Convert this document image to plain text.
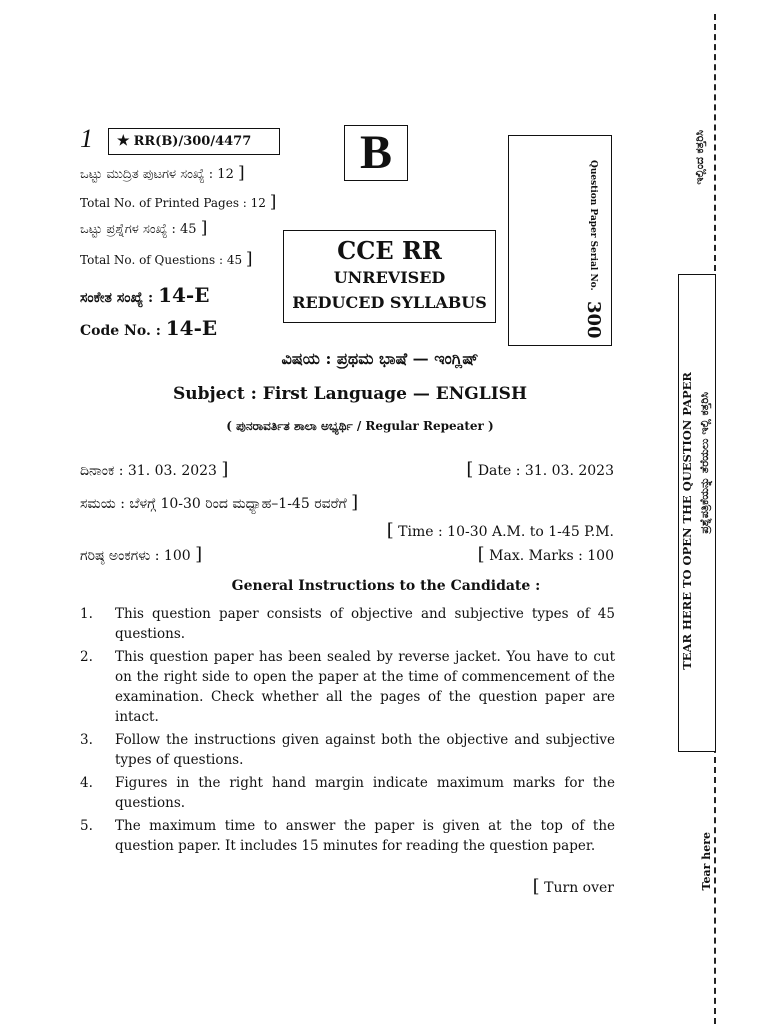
1	★ RR(B)/300/4477	B
ಒಟ್ಟು ಮುದ್ರಿತ ಪುಟಗಳ ಸಂಖ್ಯೆ : 12 ]
Total No. of Printed Pages : 12 ]
ಒಟ್ಟು ಪ್ರಶ್ನೆಗಳ ಸಂಖ್ಯೆ : 45 ]
Total No. of Questions : 45 ]
ಸಂಕೇತ ಸಂಖ್ಯೆ : 14-E
Code No. : 14-E
CCE RR
UNREVISED
REDUCED SYLLABUS
Question Paper Serial No. 300
ವಿಷಯ : ಪ್ರಥಮ ಭಾಷೆ — ಇಂಗ್ಲಿಷ್
Subject : First Language — ENGLISH
( ಪುನರಾವರ್ತಿತ ಶಾಲಾ ಅಭ್ಯರ್ಥಿ / Regular Repeater )
ದಿನಾಂಕ : 31. 03. 2023 ]	[ Date : 31. 03. 2023
ಸಮಯ : ಬೆಳಗ್ಗೆ 10-30 ರಿಂದ ಮಧ್ಯಾಹ–1-45 ರವರೆಗೆ ]
[ Time : 10-30 A.M. to 1-45 P.M.
ಗರಿಷ್ಠ ಅಂಕಗಳು : 100 ]	[ Max. Marks : 100
General Instructions to the Candidate :
1. This question paper consists of objective and subjective types of 45 questions.
2. This question paper has been sealed by reverse jacket. You have to cut on the right side to open the paper at the time of commencement of the examination. Check whether all the pages of the question paper are intact.
3. Follow the instructions given against both the objective and subjective types of questions.
4. Figures in the right hand margin indicate maximum marks for the questions.
5. The maximum time to answer the paper is given at the top of the question paper. It includes 15 minutes for reading the question paper.
[ Turn over
ಇಲ್ಲಿಂದ ಕತ್ತರಿಸಿ
TEAR HERE TO OPEN THE QUESTION PAPER ಪ್ರಶ್ನೆಪತ್ರಿಕೆಯನ್ನು ತೆರೆಯಲು ಇಲ್ಲಿ ಕತ್ತರಿಸಿ
Tear here
